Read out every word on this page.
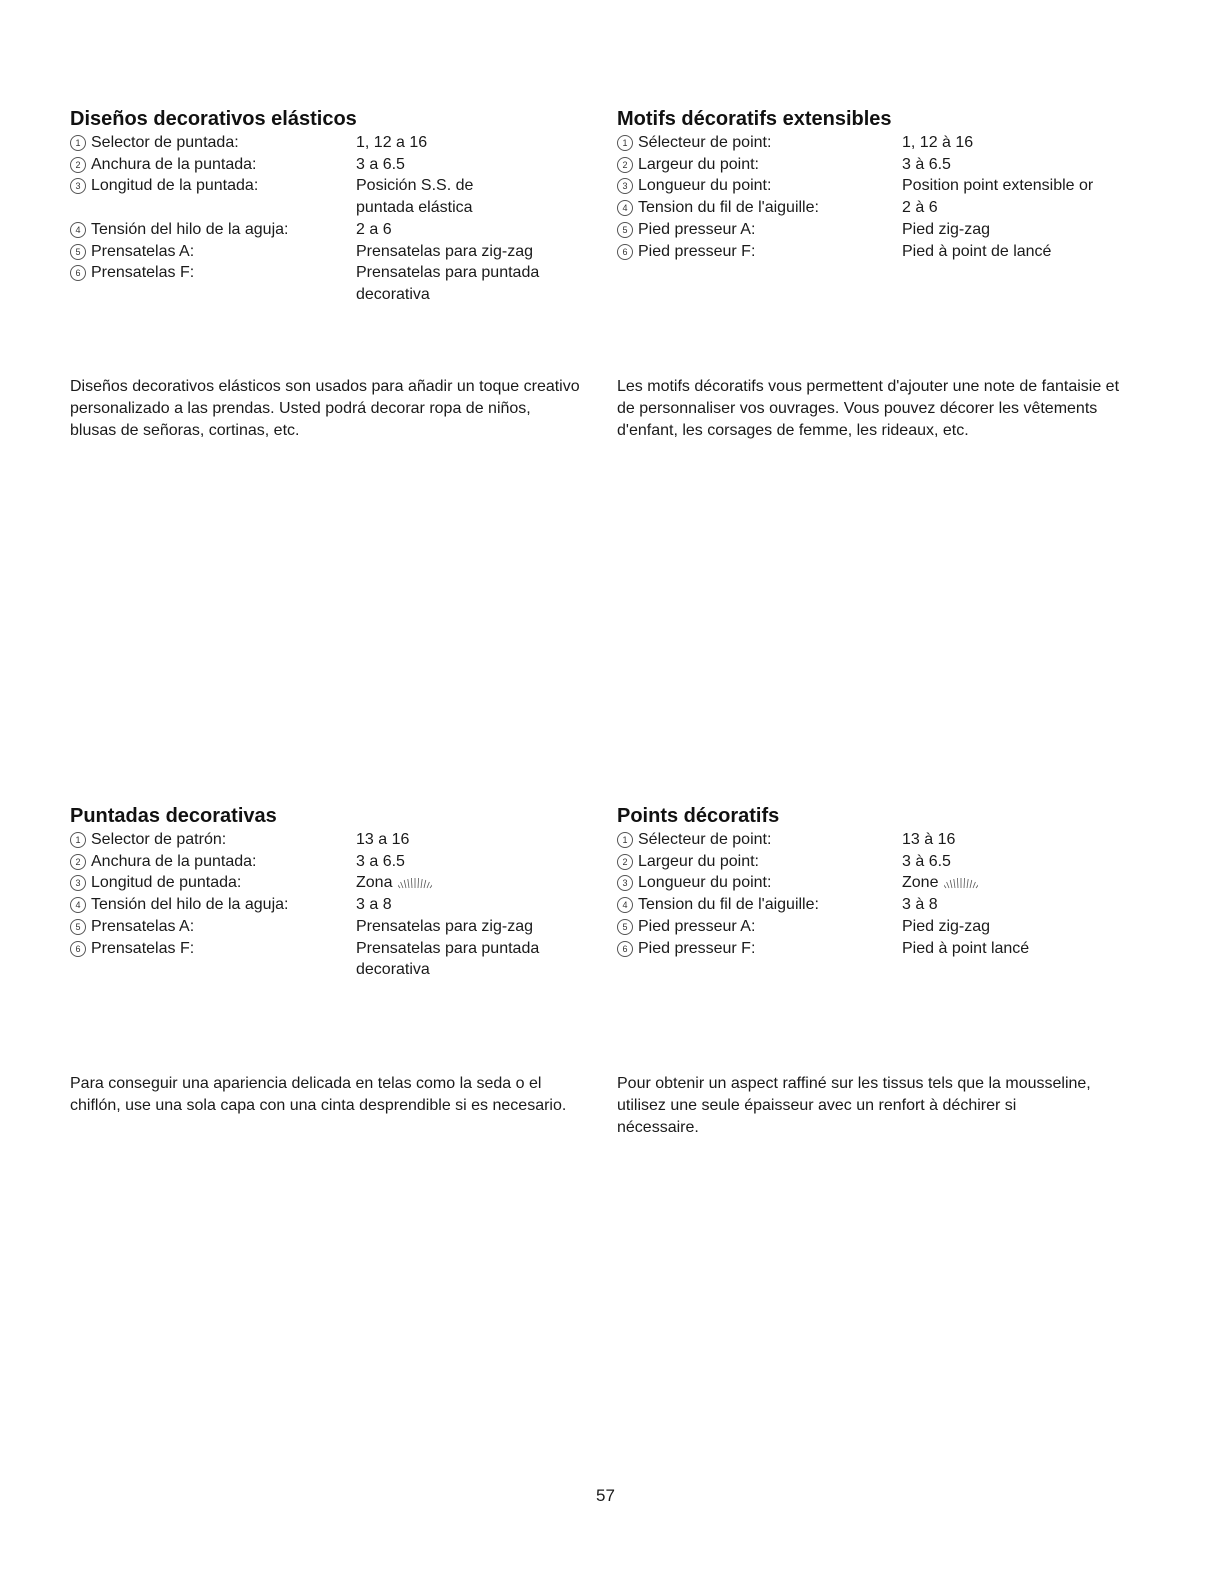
Diseños decorativos elásticos
1 Selector de puntada:	1, 12 a 16
2 Anchura de la puntada:	3 a 6.5
3 Longitud de la puntada:	Posición S.S. de
puntada elástica
4 Tensión del hilo de la aguja:	2 a 6
5 Prensatelas A:	Prensatelas para zig-zag
6 Prensatelas F:	Prensatelas para puntada
decorativa

Diseños decorativos elásticos son usados para añadir un toque creativo personalizado a las prendas. Usted podrá decorar ropa de niños, blusas de señoras, cortinas, etc.

Motifs décoratifs extensibles
1 Sélecteur de point:	1, 12 à 16
2 Largeur du point:	3 à 6.5
3 Longueur du point:	Position point extensible or
4 Tension du fil de l'aiguille:	2 à 6
5 Pied presseur A:	Pied zig-zag
6 Pied presseur F:	Pied à point de lancé

Les motifs décoratifs vous permettent d'ajouter une note de fantaisie et de personnaliser vos ouvrages. Vous pouvez décorer les vêtements d'enfant, les corsages de femme, les rideaux, etc.

Puntadas decorativas
1 Selector de patrón:	13 a 16
2 Anchura de la puntada:	3 a 6.5
3 Longitud de puntada:	Zona
4 Tensión del hilo de la aguja:	3 a 8
5 Prensatelas A:	Prensatelas para zig-zag
6 Prensatelas F:	Prensatelas para puntada
decorativa

Para conseguir una apariencia delicada en telas como la seda o el chiflón, use una sola capa con una cinta desprendible si es necesario.

Points décoratifs
1 Sélecteur de point:	13 à 16
2 Largeur du point:	3 à 6.5
3 Longueur du point:	Zone
4 Tension du fil de l'aiguille:	3 à 8
5 Pied presseur A:	Pied zig-zag
6 Pied presseur F:	Pied à point lancé

Pour obtenir un aspect raffiné sur les tissus tels que la mousseline, utilisez une seule épaisseur avec un renfort à déchirer si nécessaire.

57
